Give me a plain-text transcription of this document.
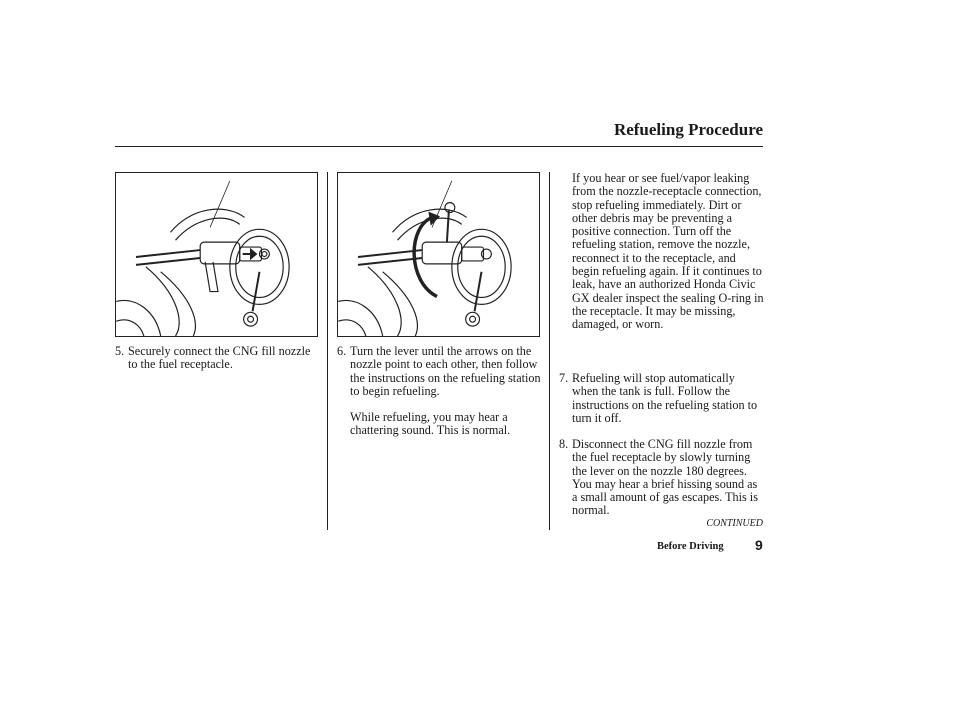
Refueling Procedure
5. Securely connect the CNG fill nozzle to the fuel receptacle.
6. Turn the lever until the arrows on the nozzle point to each other, then follow the instructions on the refueling station to begin refueling.

While refueling, you may hear a chattering sound. This is normal.

If you hear or see fuel/vapor leaking from the nozzle-receptacle connection, stop refueling immediately. Dirt or other debris may be preventing a positive connection. Turn off the refueling station, remove the nozzle, reconnect it to the receptacle, and begin refueling again. If it continues to leak, have an authorized Honda Civic GX dealer inspect the sealing O-ring in the receptacle. It may be missing, damaged, or worn.

7. Refueling will stop automatically when the tank is full. Follow the instructions on the refueling station to turn it off.
8. Disconnect the CNG fill nozzle from the fuel receptacle by slowly turning the lever on the nozzle 180 degrees. You may hear a brief hissing sound as a small amount of gas escapes. This is normal.
CONTINUED
Before Driving 9
